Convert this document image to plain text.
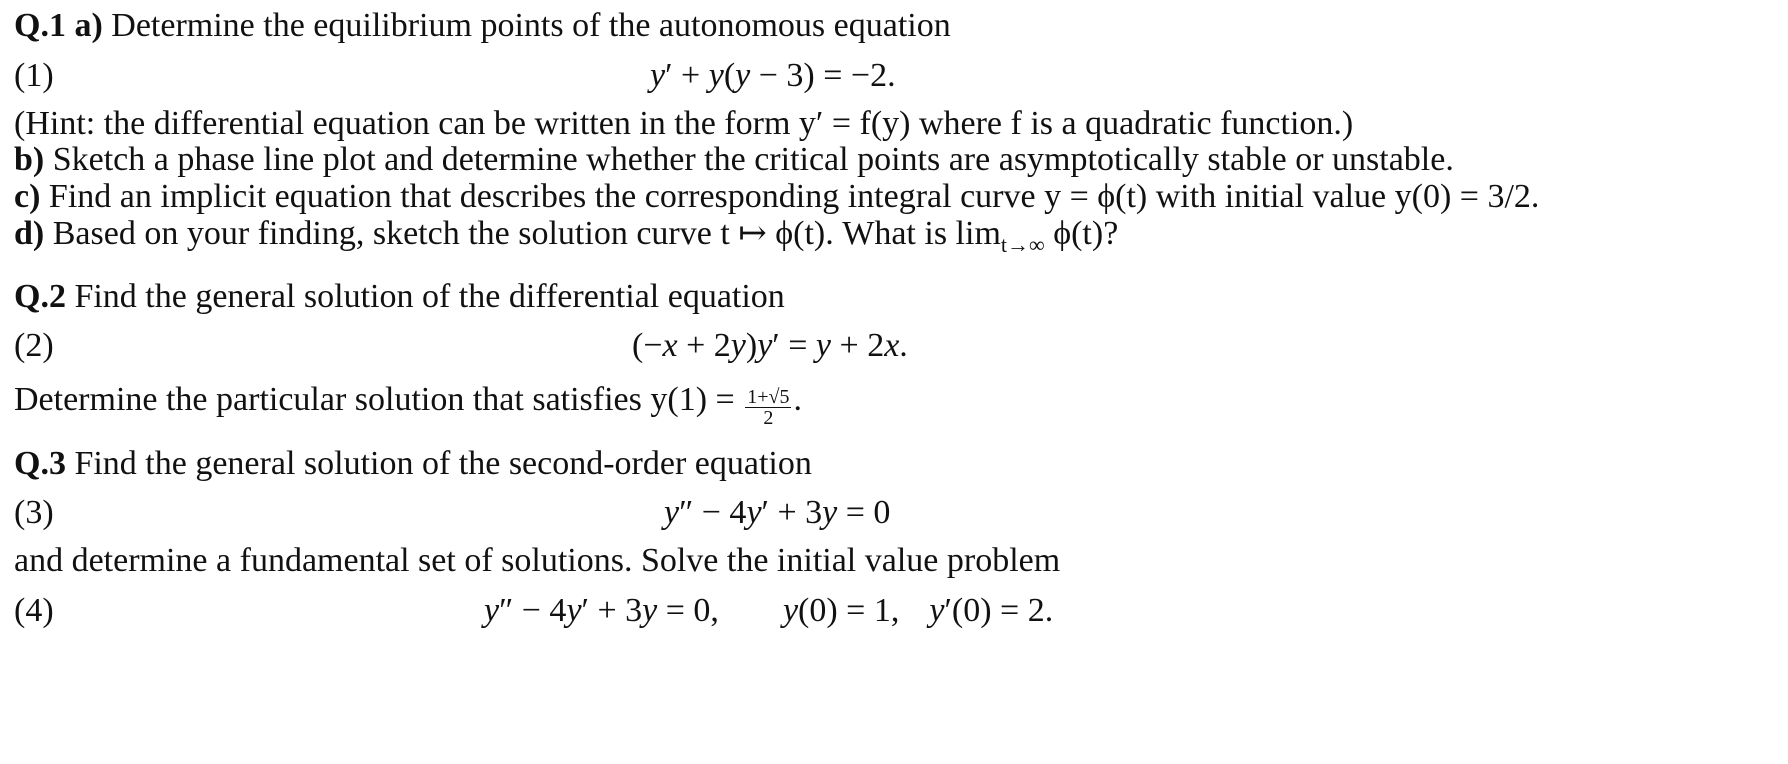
Q.1 a) Determine the equilibrium points of the autonomous equation
(1)	y′ + y(y − 3) = −2.
(Hint: the differential equation can be written in the form y′ = f(y) where f is a quadratic function.)
b) Sketch a phase line plot and determine whether the critical points are asymptotically stable or unstable.
c) Find an implicit equation that describes the corresponding integral curve y = ϕ(t) with initial value y(0) = 3/2.
d) Based on your finding, sketch the solution curve t ↦ ϕ(t). What is $\lim_{t\to\infty} \phi(t)$?
Q.2 Find the general solution of the differential equation
(2)	(−x + 2y)y′ = y + 2x.
Determine the particular solution that satisfies $y(1) = \frac{1+√5}{2}$ .
Q.3 Find the general solution of the second-order equation
(3)	y″ − 4y′ + 3y = 0
and determine a fundamental set of solutions. Solve the initial value problem
(4)	y″ − 4y′ + 3y = 0, y(0) = 1, y′(0) = 2.
